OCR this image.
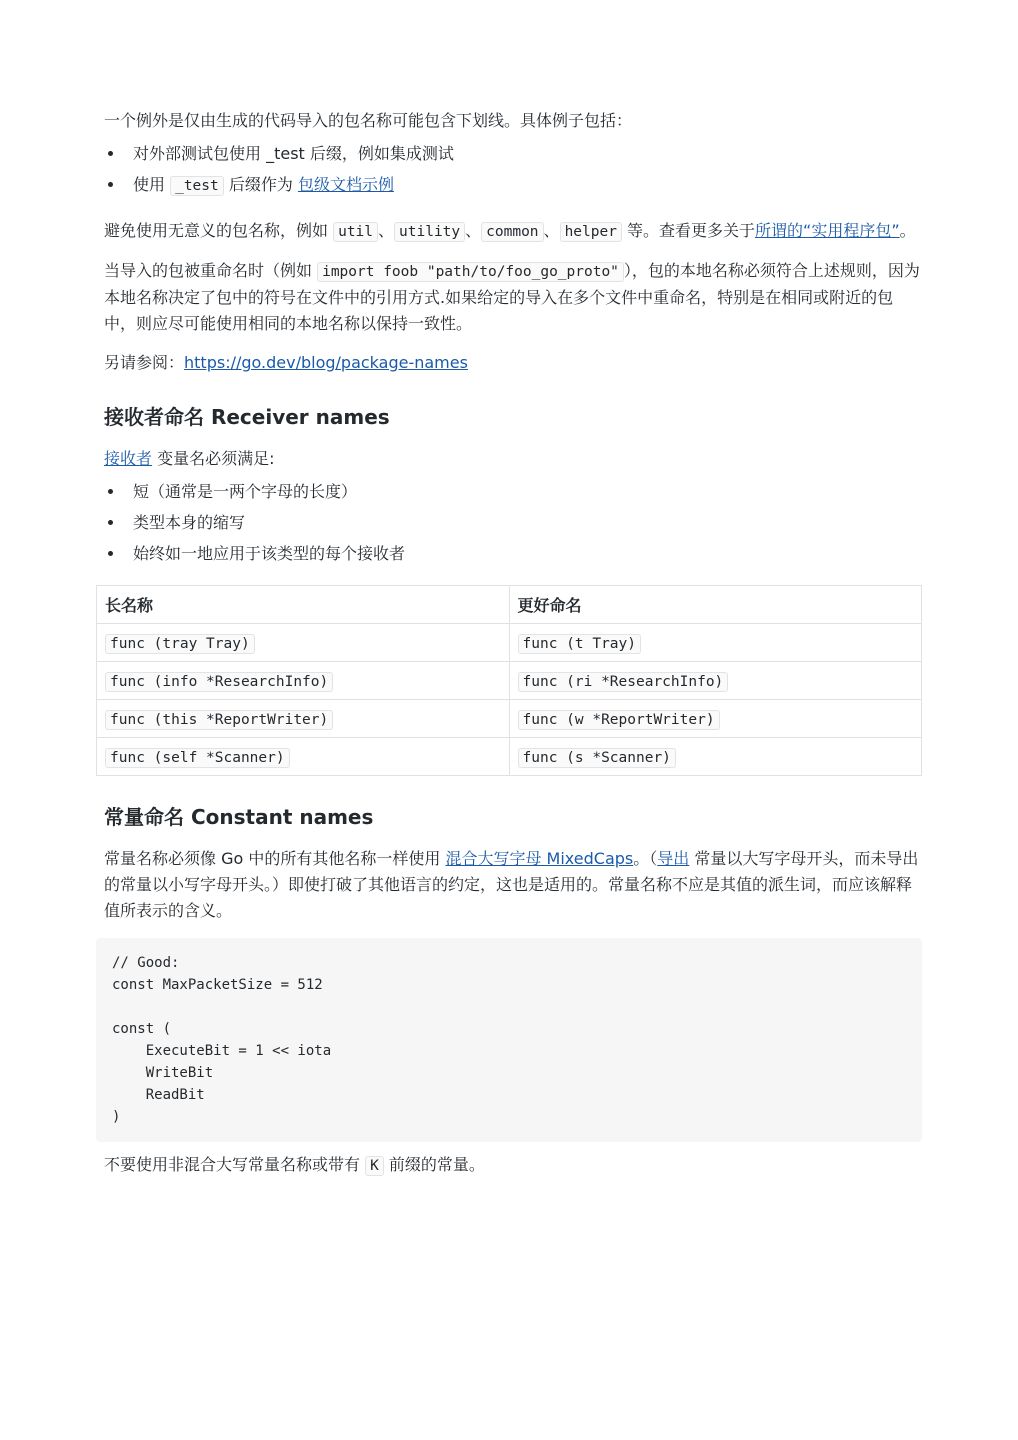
一个例外是仅由生成的代码导入的包名称可能包含下划线。具体例子包括：

对外部测试包使用 _test 后缀，例如集成测试
使用 _test 后缀作为 包级文档示例

避免使用无意义的包名称，例如 util 、 utility 、 common 、 helper 等。查看更多关于所谓的“实用程序包”。

当导入的包被重命名时（例如 import foob "path/to/foo_go_proto" ），包的本地名称必须符合上述规则，因为本地名称决定了包中的符号在文件中的引用方式.如果给定的导入在多个文件中重命名，特别是在相同或附近的包中，则应尽可能使用相同的本地名称以保持一致性。

另请参阅：https://go.dev/blog/package-names

接收者命名 Receiver names

接收者 变量名必须满足:

短（通常是一两个字母的长度）
类型本身的缩写
始终如一地应用于该类型的每个接收者
长名称	更好命名
func (tray Tray)	func (t Tray)
func (info *ResearchInfo)	func (ri *ResearchInfo)
func (this *ReportWriter)	func (w *ReportWriter)
func (self *Scanner)	func (s *Scanner)
常量命名 Constant names

常量名称必须像 Go 中的所有其他名称一样使用 混合大写字母 MixedCaps。（导出 常量以大写字母开头，而未导出的常量以小写字母开头。）即使打破了其他语言的约定，这也是适用的。常量名称不应是其值的派生词，而应该解释值所表示的含义。

// Good:
const MaxPacketSize = 512

const (
ExecuteBit = 1 << iota
WriteBit
ReadBit
)

不要使用非混合大写常量名称或带有 K 前缀的常量。
